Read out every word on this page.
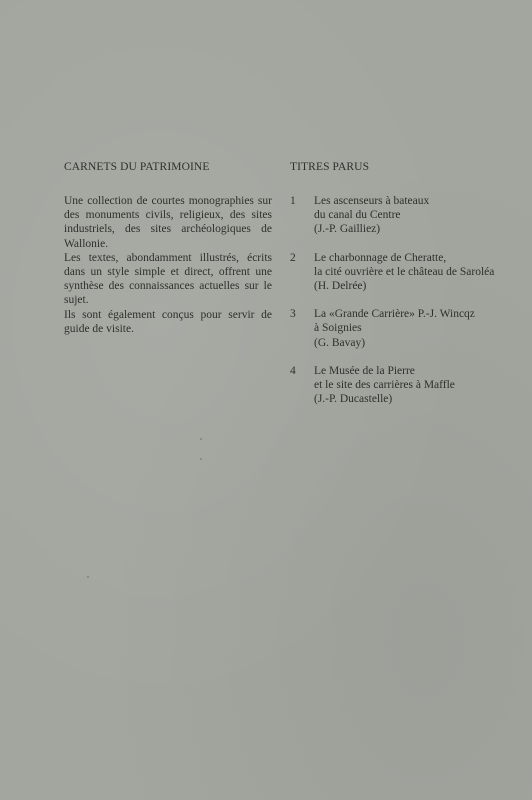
CARNETS DU PATRIMOINE

Une collection de courtes monographies sur des monuments civils, religieux, des sites industriels, des sites archéologiques de Wallonie.

Les textes, abondamment illustrés, écrits dans un style simple et direct, offrent une synthèse des connaissances actuelles sur le sujet.

Ils sont également conçus pour servir de guide de visite.

TITRES PARUS
1	Les ascenseurs à bateaux
du canal du Centre
(J.-P. Gailliez)
2	Le charbonnage de Cheratte,
la cité ouvrière et le château de Saroléa
(H. Delrée)
3	La «Grande Carrière» P.-J. Wincqz
à Soignies
(G. Bavay)
4	Le Musée de la Pierre
et le site des carrières à Maffle
(J.-P. Ducastelle)
